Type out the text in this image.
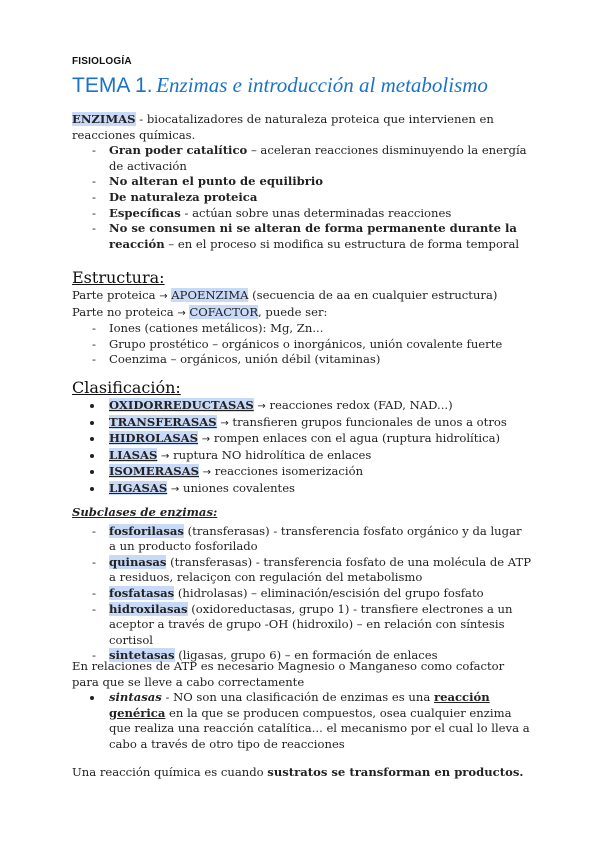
FISIOLOGÍA
TEMA 1. Enzimas e introducción al metabolismo

ENZIMAS - biocatalizadores de naturaleza proteica que intervienen en reacciones químicas.

- Gran poder catalítico – aceleran reacciones disminuyendo la energía de activación
- No alteran el punto de equilibrio
- De naturaleza proteica
- Específicas - actúan sobre unas determinadas reacciones
- No se consumen ni se alteran de forma permanente durante la reacción – en el proceso si modifica su estructura de forma temporal
Estructura:

Parte proteica → APOENZIMA (secuencia de aa en cualquier estructura)

Parte no proteica → COFACTOR, puede ser:

- Iones (cationes metálicos): Mg, Zn...
- Grupo prostético – orgánicos o inorgánicos, unión covalente fuerte
- Coenzima – orgánicos, unión débil (vitaminas)
Clasificación:
OXIDORREDUCTASAS → reacciones redox (FAD, NAD...)
TRANSFERASAS → transfieren grupos funcionales de unos a otros
HIDROLASAS → rompen enlaces con el agua (ruptura hidrolítica)
LIASAS → ruptura NO hidrolítica de enlaces
ISOMERASAS → reacciones isomerización
LIGASAS → uniones covalentes
Subclases de enzimas:
- fosforilasas (transferasas) - transferencia fosfato orgánico y da lugar a un producto fosforilado
- quinasas (transferasas) - transferencia fosfato de una molécula de ATP a residuos, relaciçon con regulación del metabolismo
- fosfatasas (hidrolasas) – eliminación/escisión del grupo fosfato
- hidroxilasas (oxidoreductasas, grupo 1) - transfiere electrones a un aceptor a través de grupo -OH (hidroxilo) – en relación con síntesis cortisol
- sintetasas (ligasas, grupo 6) – en formación de enlaces

En relaciones de ATP es necesario Magnesio o Manganeso como cofactor para que se lleve a cabo correctamente

sintasas - NO son una clasificación de enzimas es una reacción genérica en la que se producen compuestos, osea cualquier enzima que realiza una reacción catalítica... el mecanismo por el cual lo lleva a cabo a través de otro tipo de reacciones

Una reacción química es cuando sustratos se transforman en productos.
